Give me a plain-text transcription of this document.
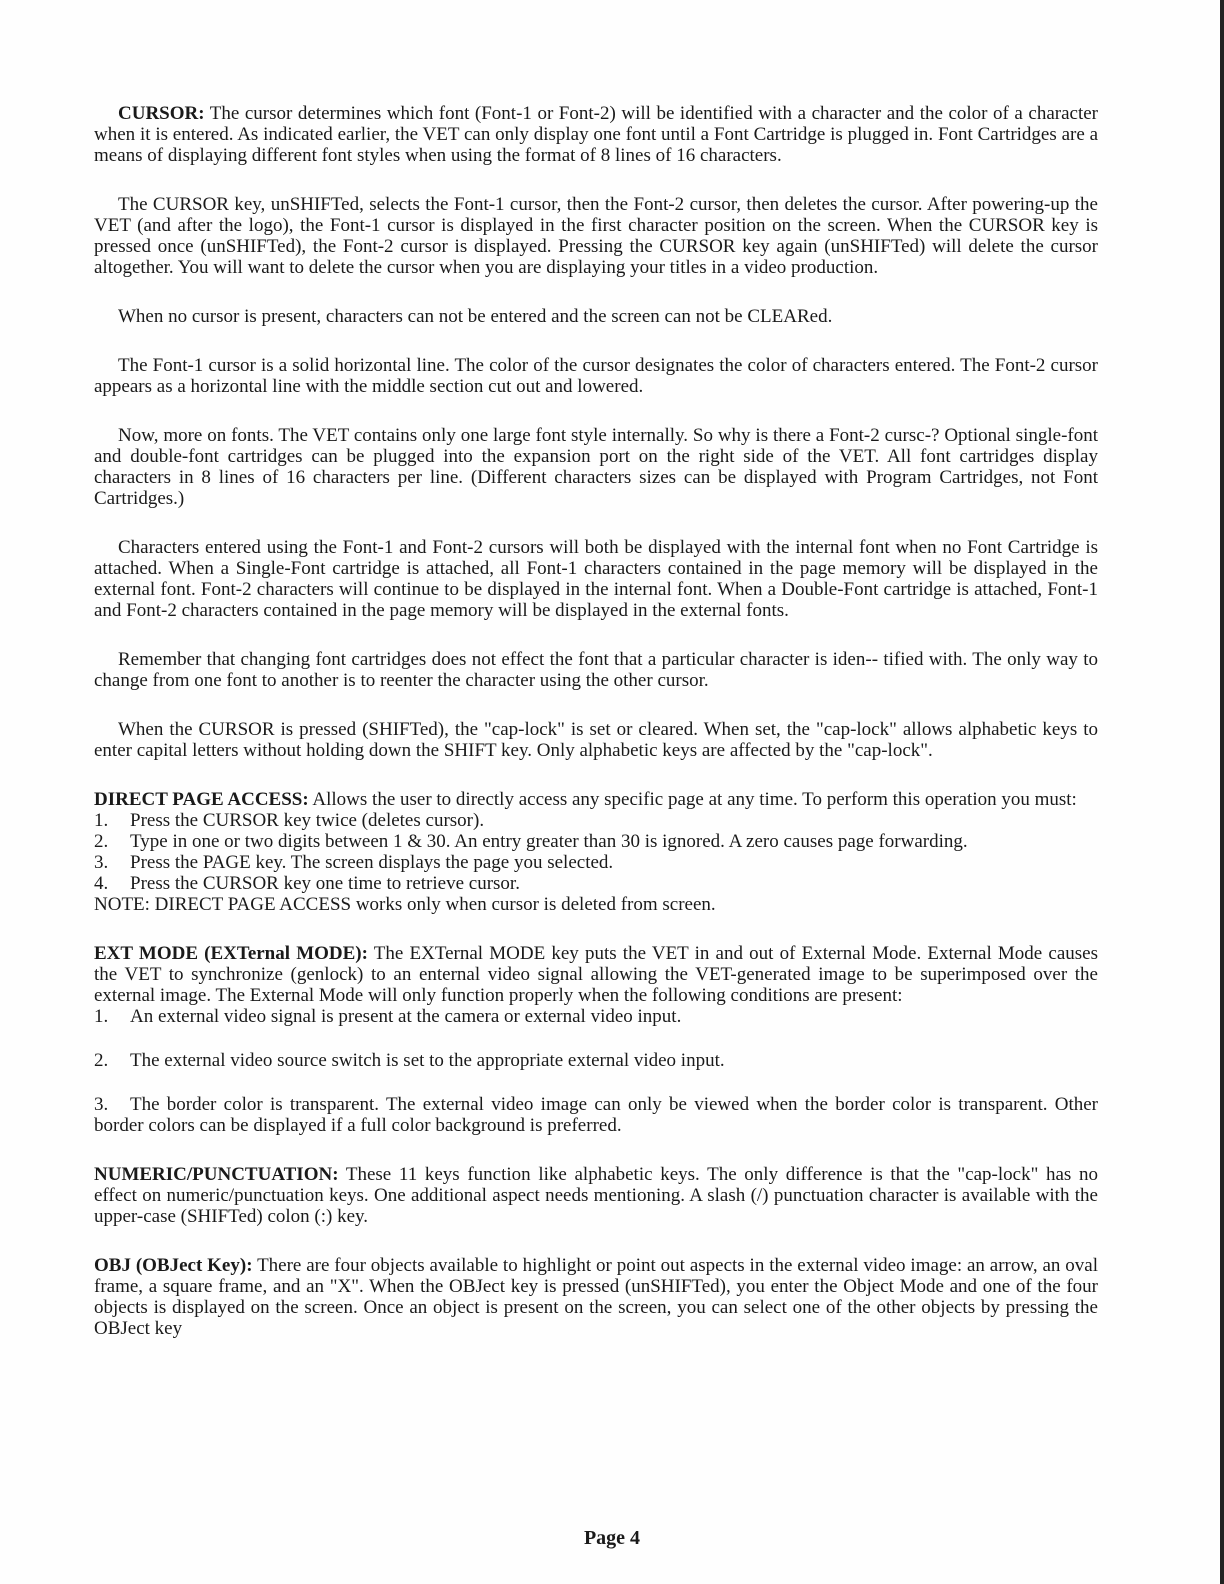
CURSOR: The cursor determines which font (Font-1 or Font-2) will be identified with a character and the color of a character when it is entered. As indicated earlier, the VET can only display one font until a Font Cartridge is plugged in. Font Cartridges are a means of displaying different font styles when using the format of 8 lines of 16 characters.

The CURSOR key, unSHIFTed, selects the Font-1 cursor, then the Font-2 cursor, then deletes the cursor. After powering-up the VET (and after the logo), the Font-1 cursor is displayed in the first character position on the screen. When the CURSOR key is pressed once (unSHIFTed), the Font-2 cursor is displayed. Pressing the CURSOR key again (unSHIFTed) will delete the cursor altogether. You will want to delete the cursor when you are displaying your titles in a video production.

When no cursor is present, characters can not be entered and the screen can not be CLEARed.

The Font-1 cursor is a solid horizontal line. The color of the cursor designates the color of characters entered. The Font-2 cursor appears as a horizontal line with the middle section cut out and lowered.

Now, more on fonts. The VET contains only one large font style internally. So why is there a Font-2 cursc-? Optional single-font and double-font cartridges can be plugged into the expansion port on the right side of the VET. All font cartridges display characters in 8 lines of 16 characters per line. (Different characters sizes can be displayed with Program Cartridges, not Font Cartridges.)

Characters entered using the Font-1 and Font-2 cursors will both be displayed with the internal font when no Font Cartridge is attached. When a Single-Font cartridge is attached, all Font-1 characters contained in the page memory will be displayed in the external font. Font-2 characters will continue to be displayed in the internal font. When a Double-Font cartridge is attached, Font-1 and Font-2 characters contained in the page memory will be displayed in the external fonts.

Remember that changing font cartridges does not effect the font that a particular character is iden-- tified with. The only way to change from one font to another is to reenter the character using the other cursor.

When the CURSOR is pressed (SHIFTed), the "cap-lock" is set or cleared. When set, the "cap-lock" allows alphabetic keys to enter capital letters without holding down the SHIFT key. Only alphabetic keys are affected by the "cap-lock".

DIRECT PAGE ACCESS: Allows the user to directly access any specific page at any time. To perform this operation you must:

1. Press the CURSOR key twice (deletes cursor).

2. Type in one or two digits between 1 & 30. An entry greater than 30 is ignored. A zero causes page forwarding.

3. Press the PAGE key. The screen displays the page you selected.

4. Press the CURSOR key one time to retrieve cursor.

NOTE: DIRECT PAGE ACCESS works only when cursor is deleted from screen.

EXT MODE (EXTernal MODE): The EXTernal MODE key puts the VET in and out of External Mode. External Mode causes the VET to synchronize (genlock) to an enternal video signal allowing the VET-generated image to be superimposed over the external image. The External Mode will only function properly when the following conditions are present:

1. An external video signal is present at the camera or external video input.

2. The external video source switch is set to the appropriate external video input.

3. The border color is transparent. The external video image can only be viewed when the border color is transparent. Other border colors can be displayed if a full color background is preferred.

NUMERIC/PUNCTUATION: These 11 keys function like alphabetic keys. The only difference is that the "cap-lock" has no effect on numeric/punctuation keys. One additional aspect needs mentioning. A slash (/) punctuation character is available with the upper-case (SHIFTed) colon (:) key.

OBJ (OBJect Key): There are four objects available to highlight or point out aspects in the external video image: an arrow, an oval frame, a square frame, and an "X". When the OBJect key is pressed (unSHIFTed), you enter the Object Mode and one of the four objects is displayed on the screen. Once an object is present on the screen, you can select one of the other objects by pressing the OBJect key

Page 4
